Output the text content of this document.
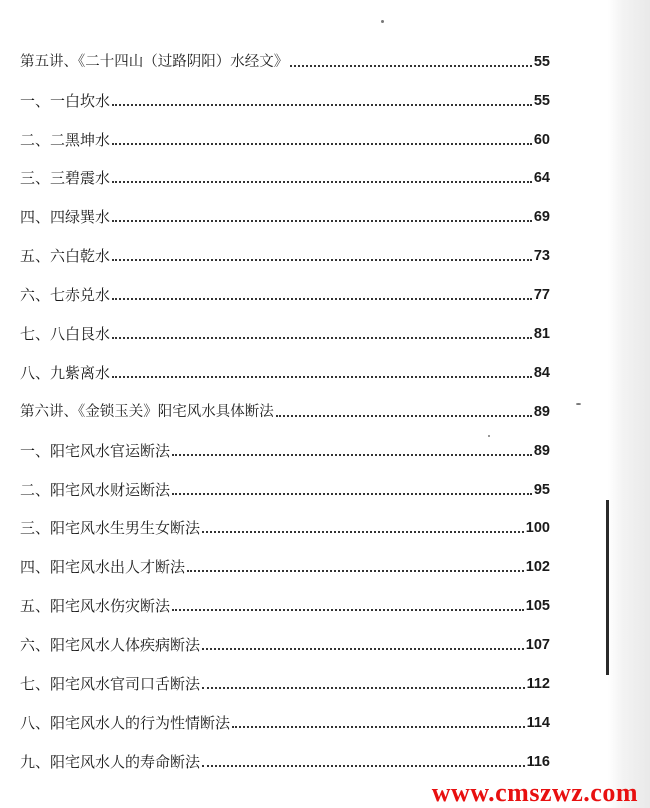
第五讲、《二十四山（过路阴阳）水经文》	55
一、一白坎水	55
二、二黑坤水	60
三、三碧震水	64
四、四绿巽水	69
五、六白乾水	73
六、七赤兑水	77
七、八白艮水	81
八、九紫离水	84
第六讲、《金锁玉关》阳宅风水具体断法	89
一、阳宅风水官运断法	89
二、阳宅风水财运断法	95
三、阳宅风水生男生女断法	100
四、阳宅风水出人才断法	102
五、阳宅风水伤灾断法	105
六、阳宅风水人体疾病断法	107
七、阳宅风水官司口舌断法	112
八、阳宅风水人的行为性情断法	114
九、阳宅风水人的寿命断法	116
www.cmszwz.com
